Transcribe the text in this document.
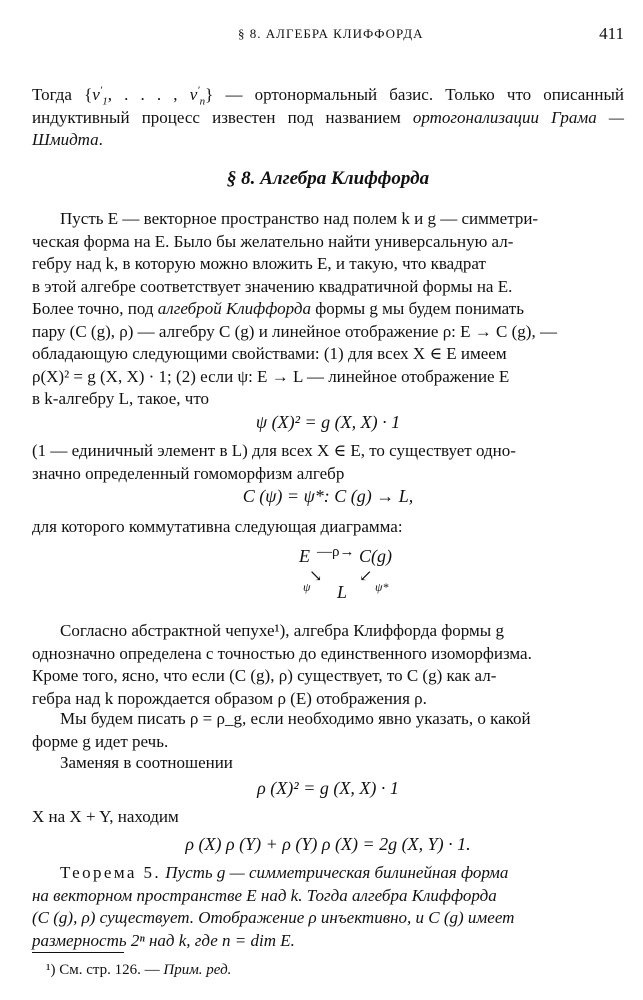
§ 8. АЛГЕБРА КЛИФФОРДА	411

Тогда {$v'_1$, . . . , $v'_n$} — ортонормальный базис. Только что описанный индуктивный процесс известен под названием ортогонализации Грама — Шмидта.

§ 8. Алгебра Клиффорда

Пусть E — векторное пространство над полем k и g — симметри-

ческая форма на E. Было бы желательно найти универсальную ал-

гебру над k, в которую можно вложить E, и такую, что квадрат

в этой алгебре соответствует значению квадратичной формы на E.

Более точно, под алгеброй Клиффорда формы g мы будем понимать

пару (C (g), ρ) — алгебру C (g) и линейное отображение ρ: E → C (g), —

обладающую следующими свойствами: (1) для всех X ∈ E имеем

ρ(X)² = g (X, X) · 1; (2) если ψ: E → L — линейное отображение E

в k-алгебру L, такое, что

ψ (X)² = g (X, X) · 1

(1 — единичный элемент в L) для всех X ∈ E, то существует одно-

значно определенный гомоморфизм алгебр

C (ψ) = ψ*: C (g) → L,

для которого коммутативна следующая диаграмма:

E —ρ→ C(g)
↘
ψ L
↙
ψ*

Согласно абстрактной чепухе¹), алгебра Клиффорда формы g

однозначно определена с точностью до единственного изоморфизма.

Кроме того, ясно, что если (C (g), ρ) существует, то C (g) как ал-

гебра над k порождается образом ρ (E) отображения ρ.

Мы будем писать ρ = ρ_g, если необходимо явно указать, о какой

форме g идет речь.

Заменяя в соотношении

ρ (X)² = g (X, X) · 1

X на X + Y, находим

ρ (X) ρ (Y) + ρ (Y) ρ (X) = 2g (X, Y) · 1.

Теорема 5. Пусть g — симметрическая билинейная форма

на векторном пространстве E над k. Тогда алгебра Клиффорда

(C (g), ρ) существует. Отображение ρ инъективно, и C (g) имеет

размерность 2ⁿ над k, где n = dim E.

¹) См. стр. 126. — Прим. ред.
